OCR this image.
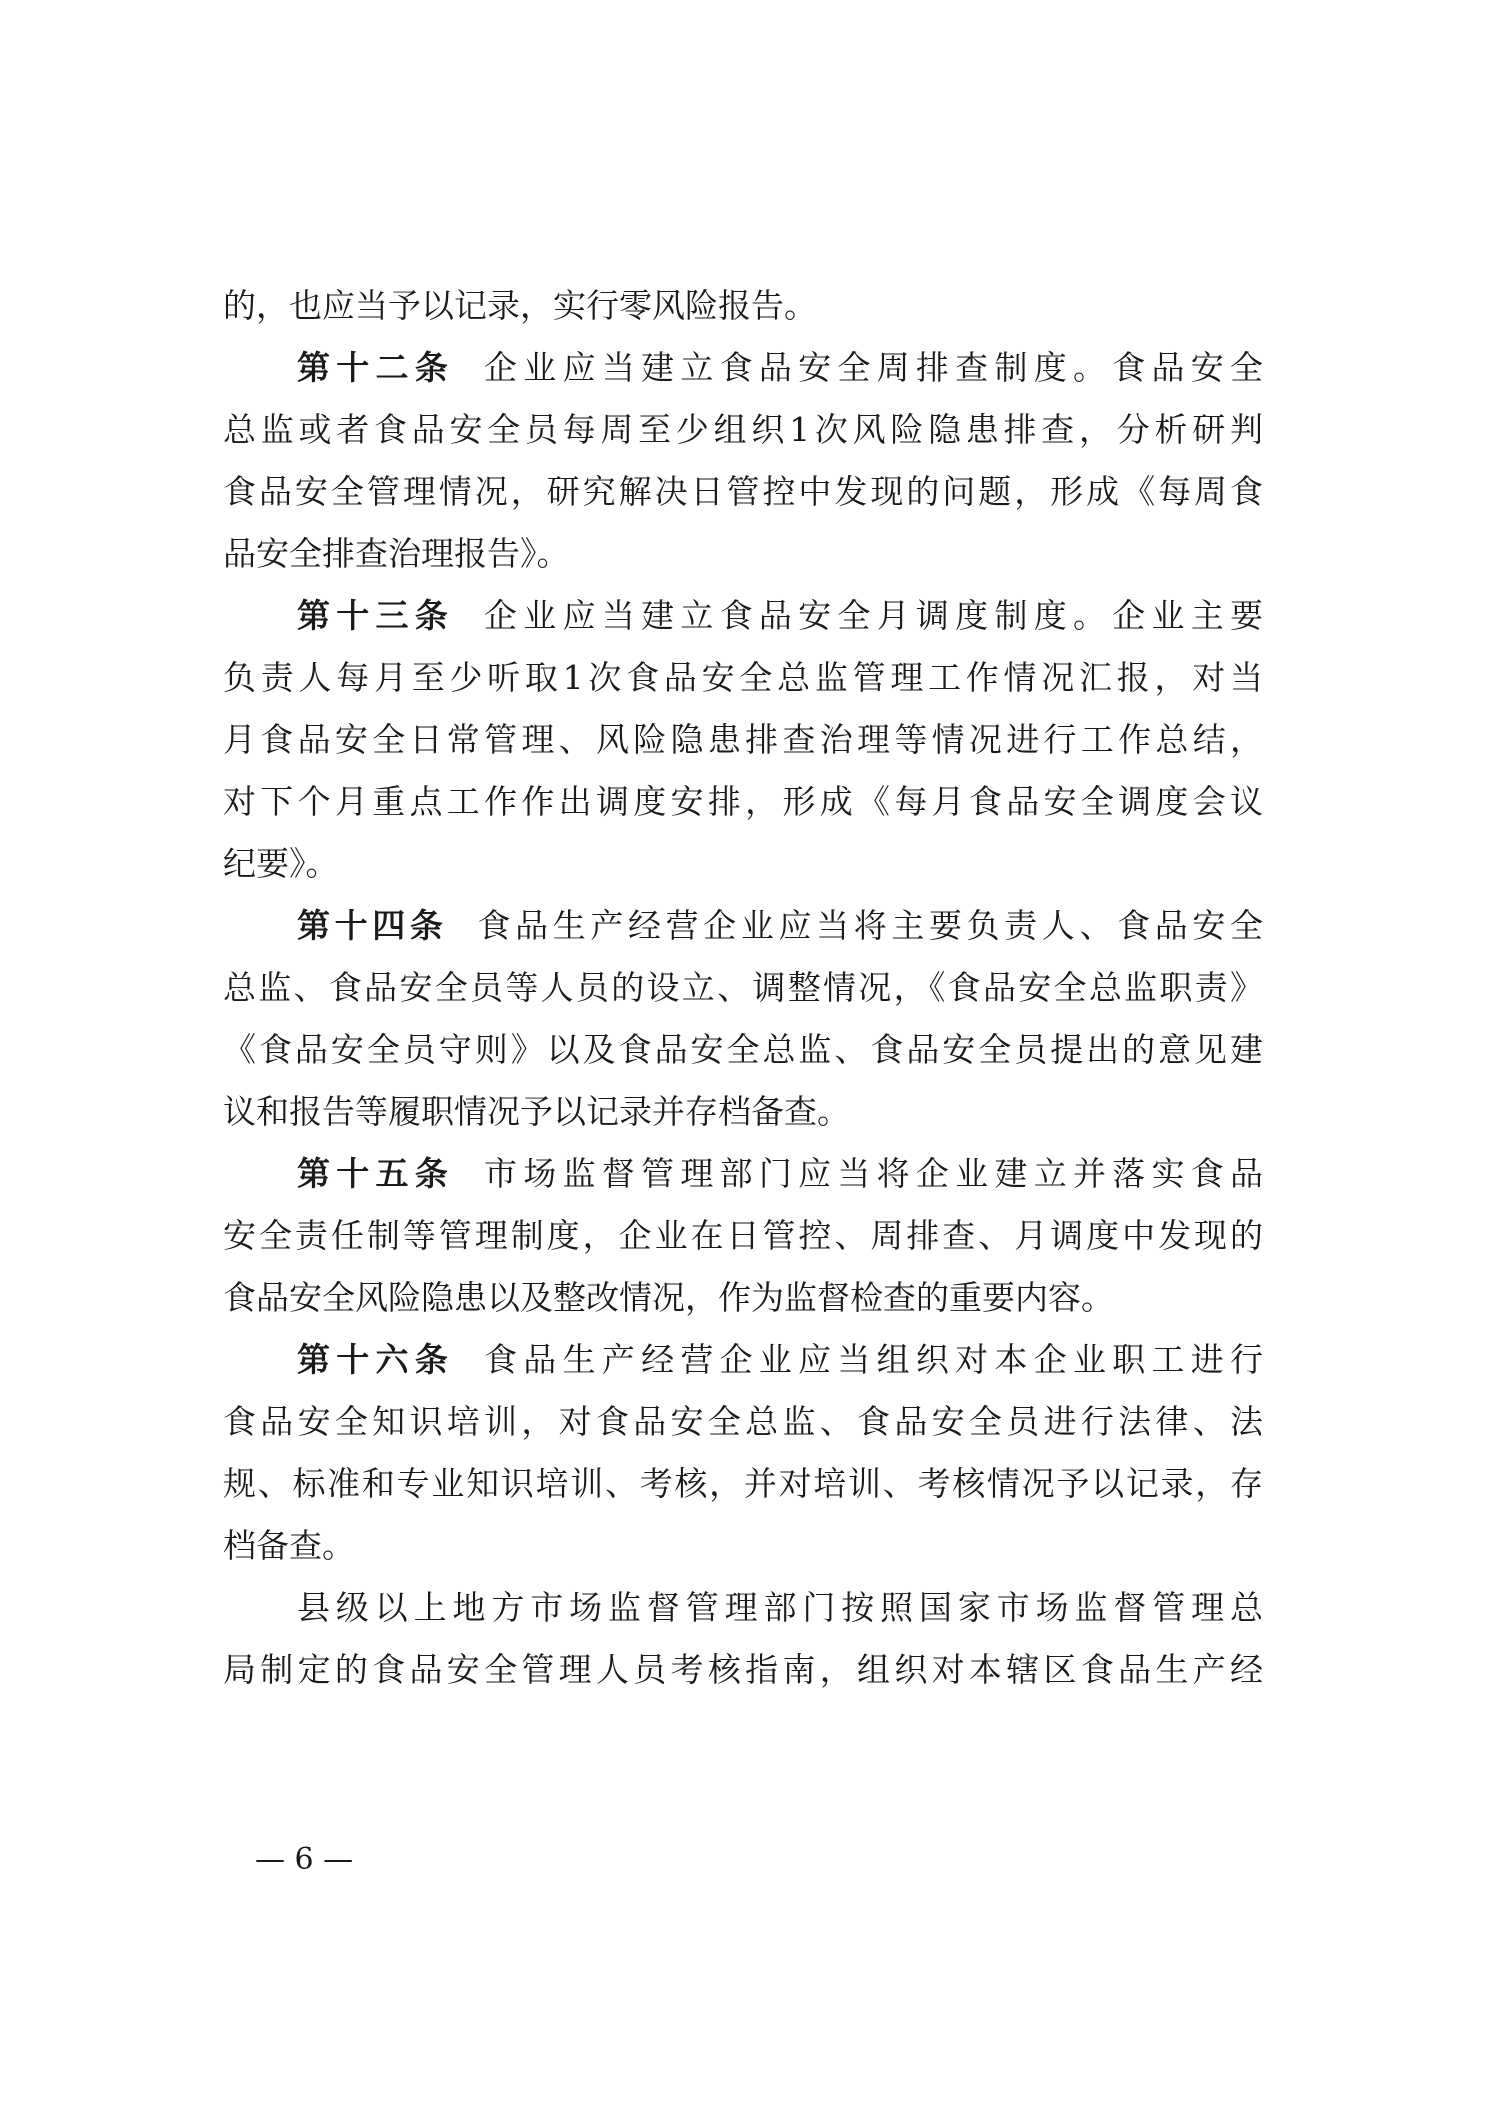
的，也应当予以记录，实行零风险报告。
第十二条 企业应当建立食品安全周排查制度。食品安全
总监或者食品安全员每周至少组织1次风险隐患排查，分析研判
食品安全管理情况，研究解决日管控中发现的问题，形成《每周食
品安全排查治理报告》。
第十三条 企业应当建立食品安全月调度制度。企业主要
负责人每月至少听取1次食品安全总监管理工作情况汇报，对当
月食品安全日常管理、风险隐患排查治理等情况进行工作总结，
对下个月重点工作作出调度安排，形成《每月食品安全调度会议
纪要》。
第十四条 食品生产经营企业应当将主要负责人、食品安全
总监、食品安全员等人员的设立、调整情况，《食品安全总监职责》
《食品安全员守则》以及食品安全总监、食品安全员提出的意见建
议和报告等履职情况予以记录并存档备查。
第十五条 市场监督管理部门应当将企业建立并落实食品
安全责任制等管理制度，企业在日管控、周排查、月调度中发现的
食品安全风险隐患以及整改情况，作为监督检查的重要内容。
第十六条 食品生产经营企业应当组织对本企业职工进行
食品安全知识培训，对食品安全总监、食品安全员进行法律、法
规、标准和专业知识培训、考核，并对培训、考核情况予以记录，存
档备查。
县级以上地方市场监督管理部门按照国家市场监督管理总
局制定的食品安全管理人员考核指南，组织对本辖区食品生产经
— 6 —
